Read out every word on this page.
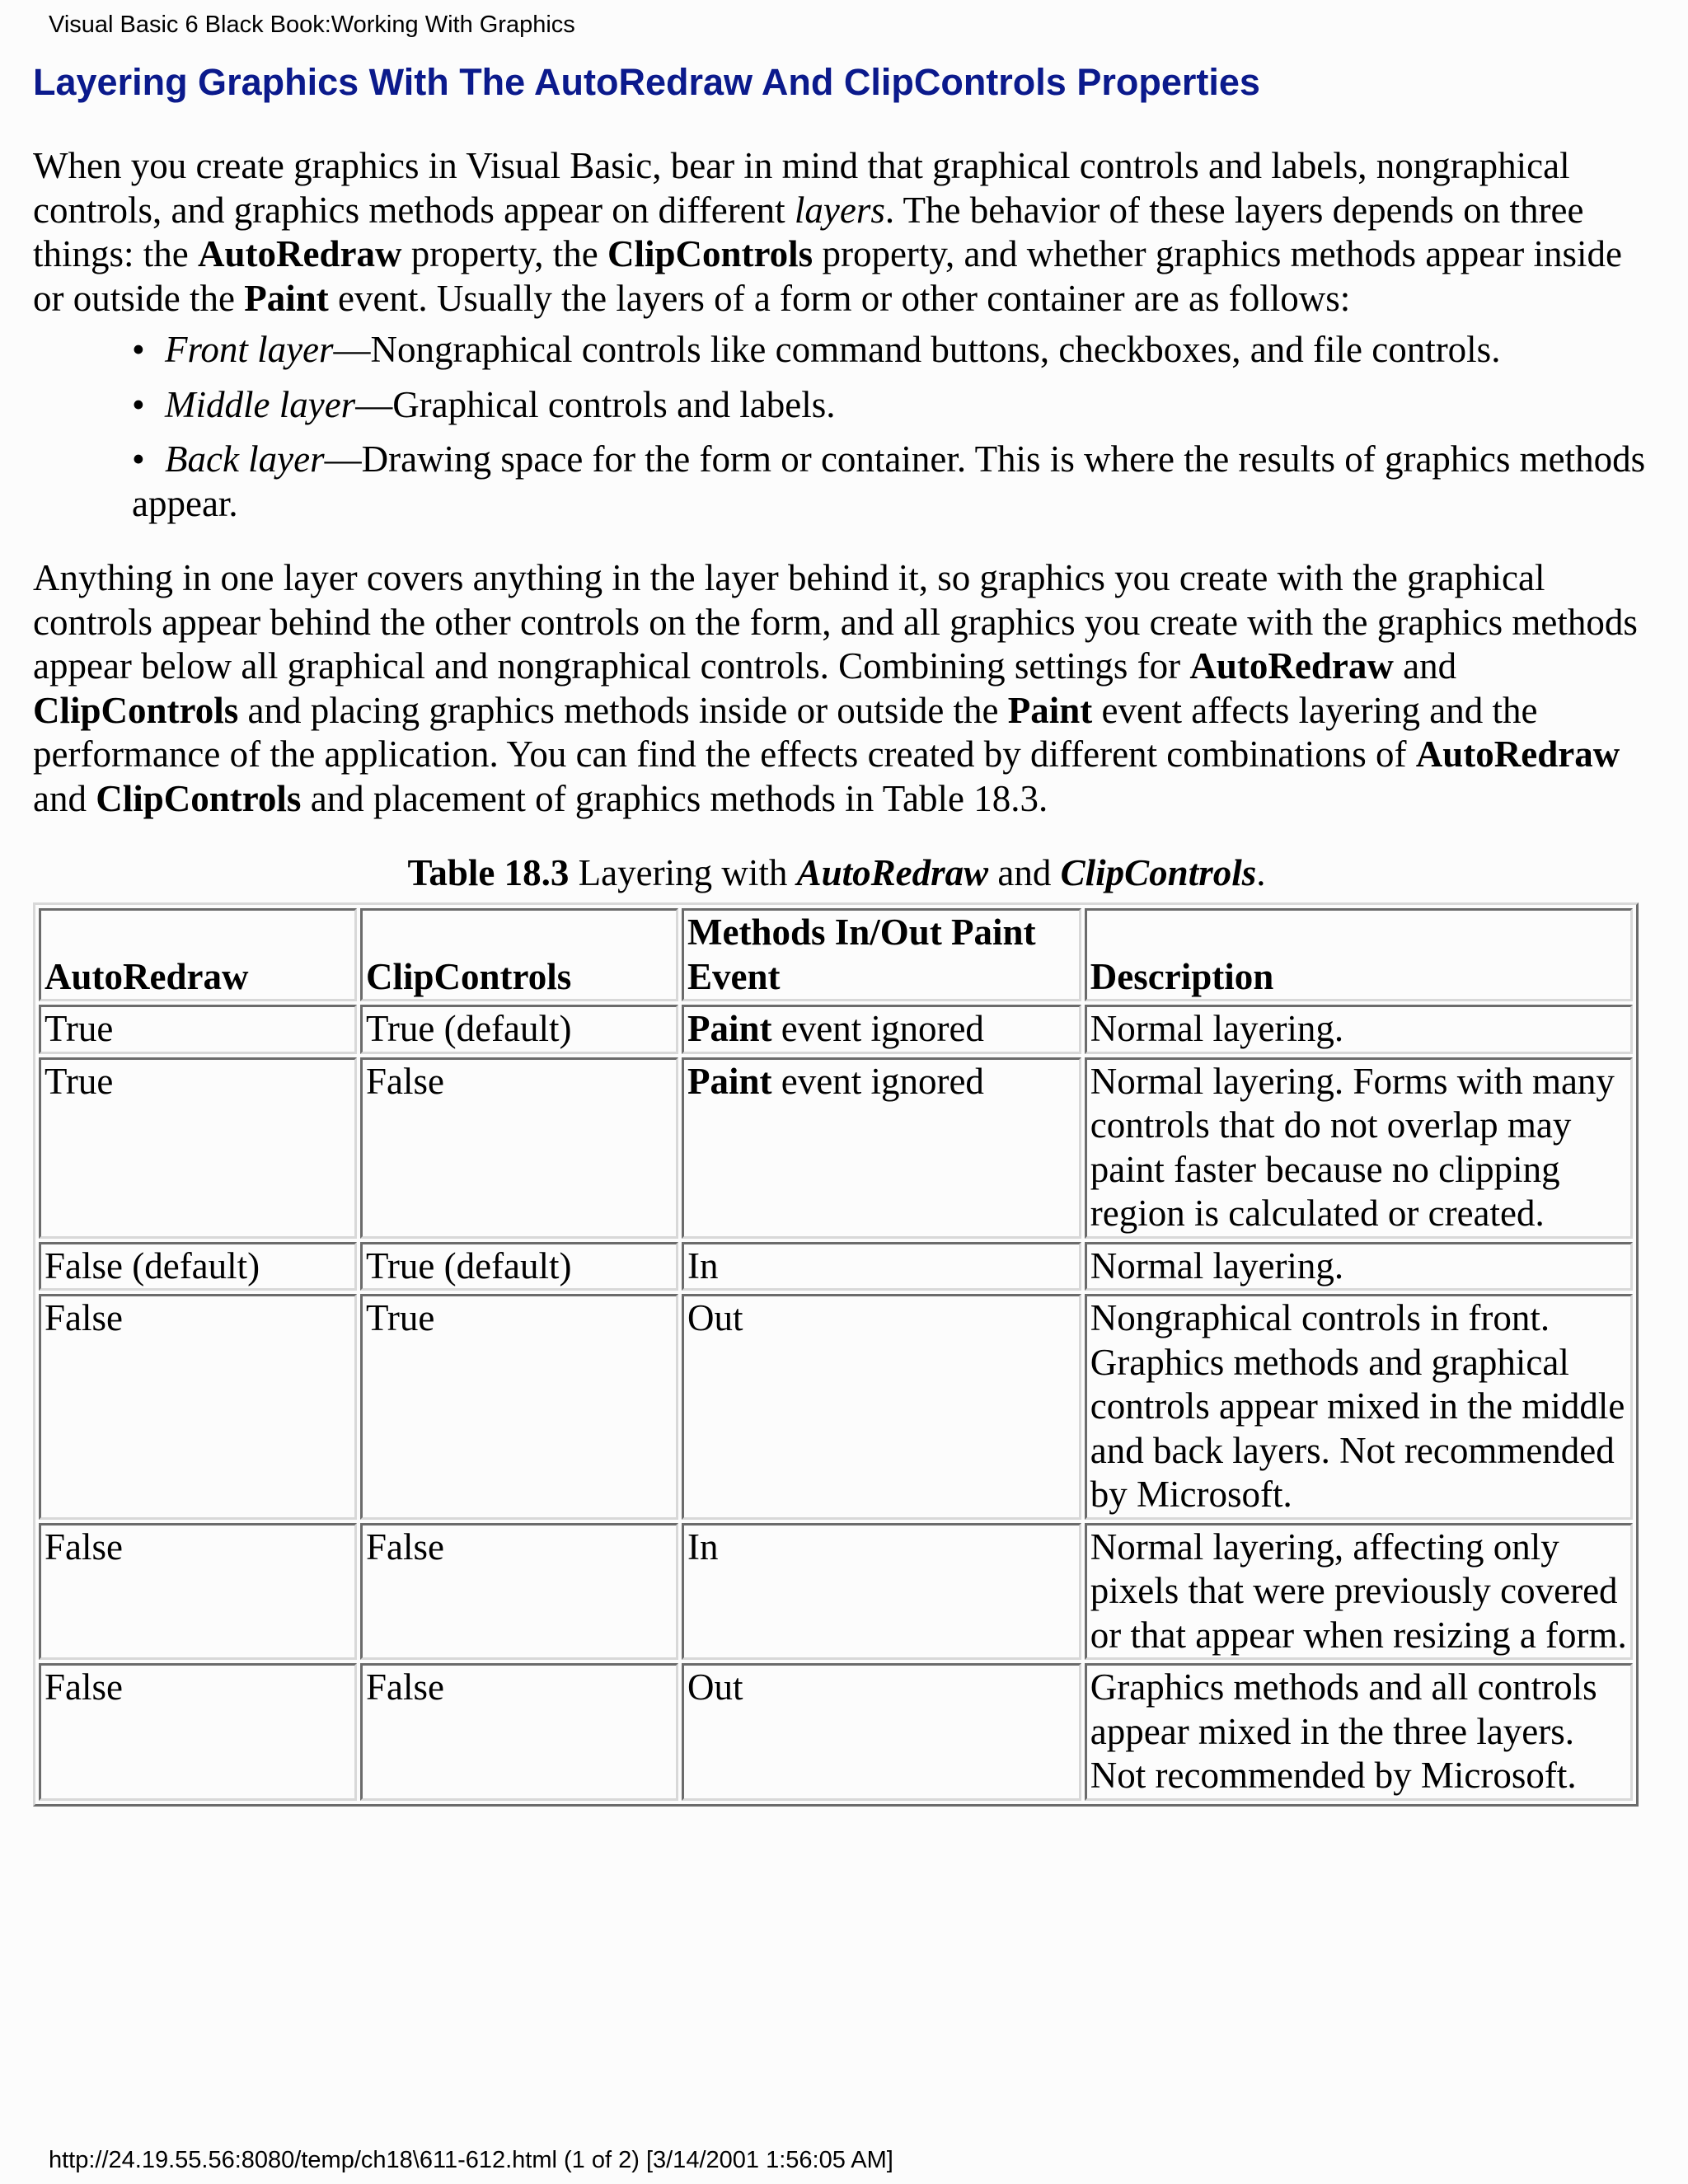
Visual Basic 6 Black Book:Working With Graphics
Layering Graphics With The AutoRedraw And ClipControls Properties

When you create graphics in Visual Basic, bear in mind that graphical controls and labels, nongraphical controls, and graphics methods appear on different layers. The behavior of these layers depends on three things: the AutoRedraw property, the ClipControls property, and whether graphics methods appear inside or outside the Paint event. Usually the layers of a form or other container are as follows:

• Front layer—Nongraphical controls like command buttons, checkboxes, and file controls.
• Middle layer—Graphical controls and labels.
• Back layer—Drawing space for the form or container. This is where the results of graphics methods appear.

Anything in one layer covers anything in the layer behind it, so graphics you create with the graphical controls appear behind the other controls on the form, and all graphics you create with the graphics methods appear below all graphical and nongraphical controls. Combining settings for AutoRedraw and ClipControls and placing graphics methods inside or outside the Paint event affects layering and the performance of the application. You can find the effects created by different combinations of AutoRedraw and ClipControls and placement of graphics methods in Table 18.3.

Table 18.3 Layering with AutoRedraw and ClipControls.

AutoRedraw	ClipControls	Methods In/Out Paint Event	Description
True	True (default)	Paint event ignored	Normal layering.
True	False	Paint event ignored	Normal layering. Forms with many controls that do not overlap may paint faster because no clipping region is calculated or created.
False (default)	True (default)	In	Normal layering.
False	True	Out	Nongraphical controls in front. Graphics methods and graphical controls appear mixed in the middle and back layers. Not recommended by Microsoft.
False	False	In	Normal layering, affecting only pixels that were previously covered or that appear when resizing a form.
False	False	Out	Graphics methods and all controls appear mixed in the three layers. Not recommended by Microsoft.
http://24.19.55.56:8080/temp/ch18\611-612.html (1 of 2) [3/14/2001 1:56:05 AM]
